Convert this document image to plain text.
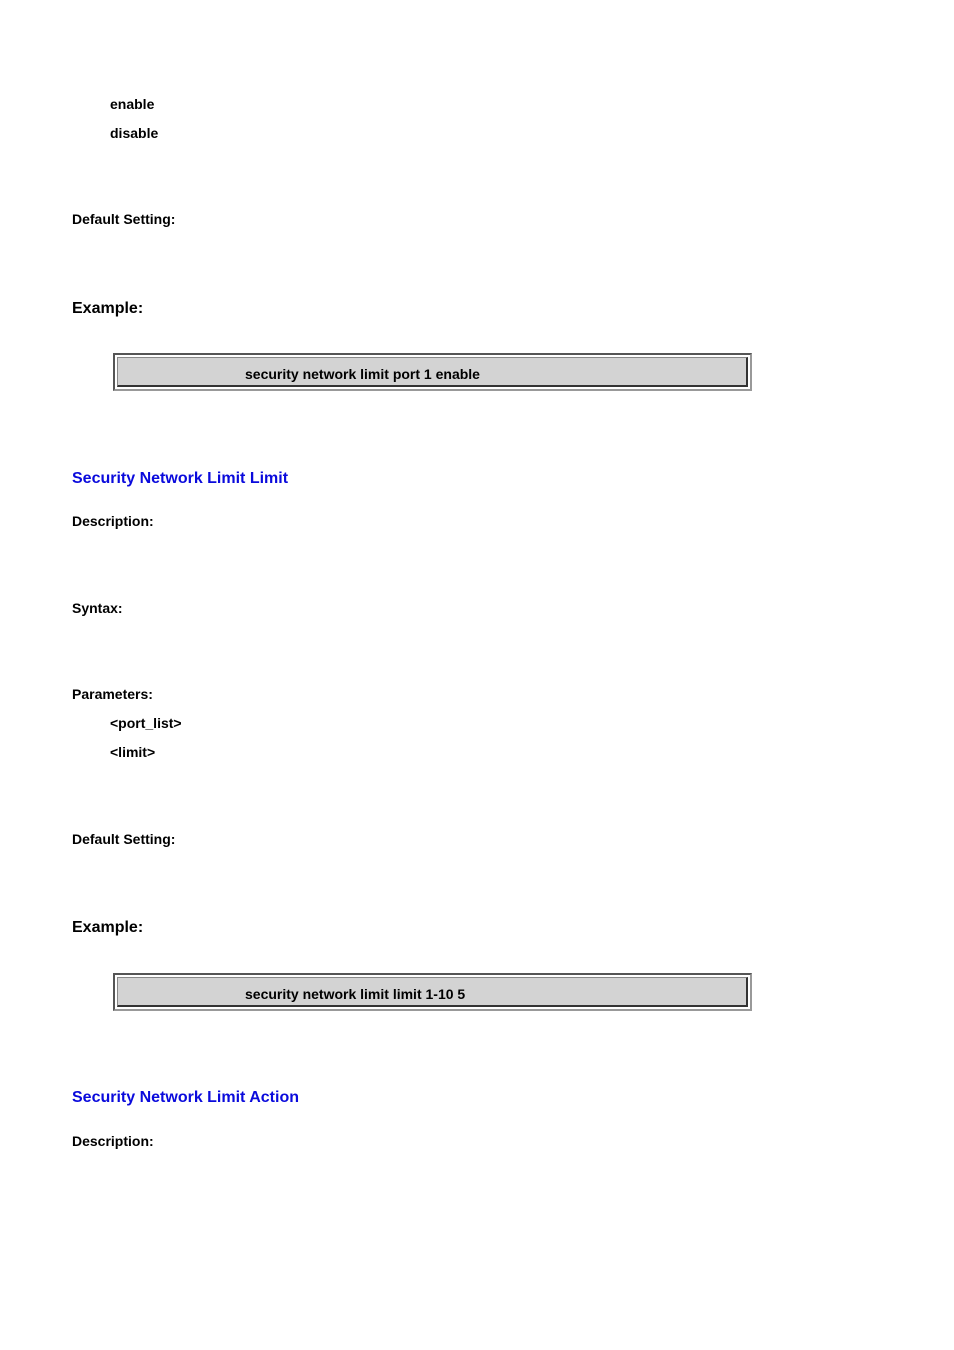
enable
disable
Default Setting:
Example:
security network limit port 1 enable
Security Network Limit Limit
Description:
Syntax:
Parameters:
<port_list>
<limit>
Default Setting:
Example:
security network limit limit 1-10 5
Security Network Limit Action
Description:
